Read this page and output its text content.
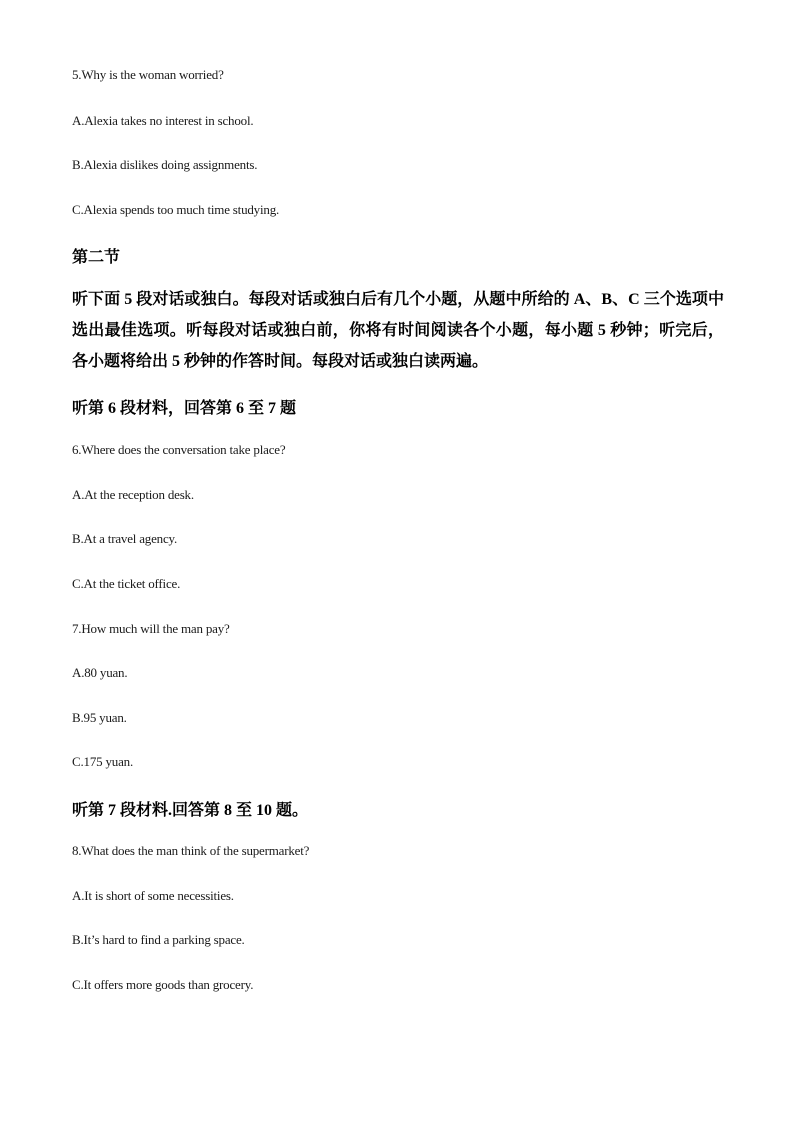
5.Why is the woman worried?
A.Alexia takes no interest in school.
B.Alexia dislikes doing assignments.
C.Alexia spends too much time studying.
第二节
听下面 5 段对话或独白。每段对话或独白后有几个小题，从题中所给的 A、B、C 三个选项中选出最佳选项。听每段对话或独白前，你将有时间阅读各个小题，每小题 5 秒钟；听完后，各小题将给出 5 秒钟的作答时间。每段对话或独白读两遍。
听第 6 段材料，回答第 6 至 7 题
6.Where does the conversation take place?
A.At the reception desk.
B.At a travel agency.
C.At the ticket office.
7.How much will the man pay?
A.80 yuan.
B.95 yuan.
C.175 yuan.
听第 7 段材料.回答第 8 至 10 题。
8.What does the man think of the supermarket?
A.It is short of some necessities.
B.It’s hard to find a parking space.
C.It offers more goods than grocery.
